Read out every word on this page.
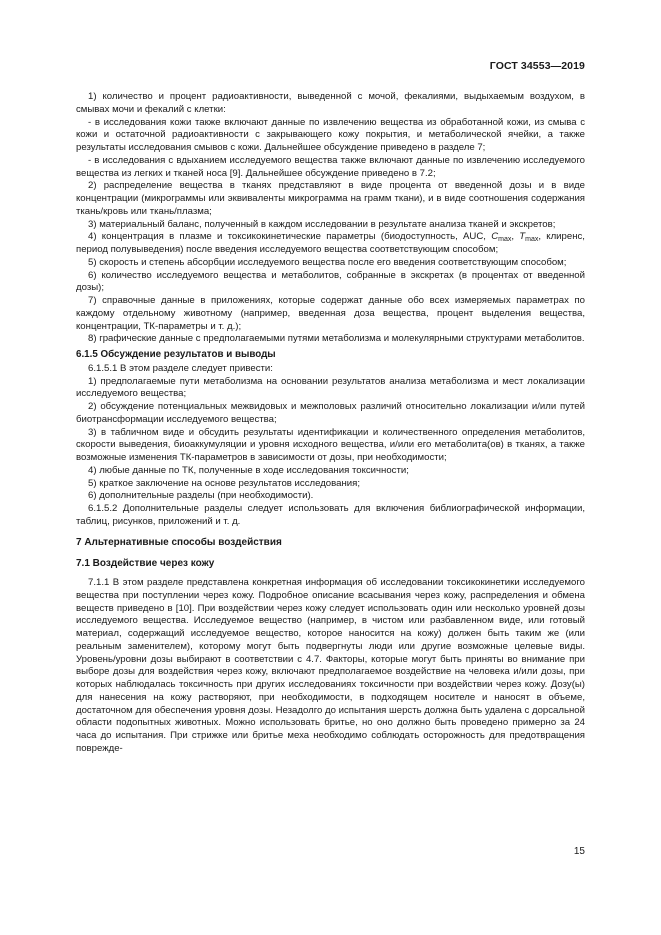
ГОСТ 34553—2019

1) количество и процент радиоактивности, выведенной с мочой, фекалиями, выдыхаемым воздухом, в смывах мочи и фекалий с клетки:

- в исследования кожи также включают данные по извлечению вещества из обработанной кожи, из смыва с кожи и остаточной радиоактивности с закрывающего кожу покрытия, и метаболической ячейки, а также результаты исследования смывов с кожи. Дальнейшее обсуждение приведено в разделе 7;

- в исследования с вдыханием исследуемого вещества также включают данные по извлечению исследуемого вещества из легких и тканей носа [9]. Дальнейшее обсуждение приведено в 7.2;

2) распределение вещества в тканях представляют в виде процента от введенной дозы и в виде концентрации (микрограммы или эквиваленты микрограмма на грамм ткани), и в виде соотношения содержания ткань/кровь или ткань/плазма;

3) материальный баланс, полученный в каждом исследовании в результате анализа тканей и экскретов;

4) концентрация в плазме и токсикокинетические параметры (биодоступность, AUC, $C_{max}$, $T_{max}$, клиренс, период полувыведения) после введения исследуемого вещества соответствующим способом;

5) скорость и степень абсорбции исследуемого вещества после его введения соответствующим способом;

6) количество исследуемого вещества и метаболитов, собранные в экскретах (в процентах от введенной дозы);

7) справочные данные в приложениях, которые содержат данные обо всех измеряемых параметрах по каждому отдельному животному (например, введенная доза вещества, процент выделения вещества, концентрации, ТК-параметры и т. д.);

8) графические данные с предполагаемыми путями метаболизма и молекулярными структурами метаболитов.

6.1.5 Обсуждение результатов и выводы

6.1.5.1 В этом разделе следует привести:

1) предполагаемые пути метаболизма на основании результатов анализа метаболизма и мест локализации исследуемого вещества;

2) обсуждение потенциальных межвидовых и межполовых различий относительно локализации и/или путей биотрансформации исследуемого вещества;

3) в табличном виде и обсудить результаты идентификации и количественного определения метаболитов, скорости выведения, биоаккумуляции и уровня исходного вещества, и/или его метаболита(ов) в тканях, а также возможные изменения ТК-параметров в зависимости от дозы, при необходимости;

4) любые данные по ТК, полученные в ходе исследования токсичности;

5) краткое заключение на основе результатов исследования;

6) дополнительные разделы (при необходимости).

6.1.5.2 Дополнительные разделы следует использовать для включения библиографической информации, таблиц, рисунков, приложений и т. д.

7 Альтернативные способы воздействия

7.1 Воздействие через кожу

7.1.1 В этом разделе представлена конкретная информация об исследовании токсикокинетики исследуемого вещества при поступлении через кожу. Подробное описание всасывания через кожу, распределения и обмена веществ приведено в [10]. При воздействии через кожу следует использовать один или несколько уровней дозы исследуемого вещества. Исследуемое вещество (например, в чистом или разбавленном виде, или готовый материал, содержащий исследуемое вещество, которое наносится на кожу) должен быть таким же (или реальным заменителем), которому могут быть подвергнуты люди или другие возможные целевые виды. Уровень/уровни дозы выбирают в соответствии с 4.7. Факторы, которые могут быть приняты во внимание при выборе дозы для воздействия через кожу, включают предполагаемое воздействие на человека и/или дозы, при которых наблюдалась токсичность при других исследованиях токсичности при воздействии через кожу. Дозу(ы) для нанесения на кожу растворяют, при необходимости, в подходящем носителе и наносят в объеме, достаточном для обеспечения уровня дозы. Незадолго до испытания шерсть должна быть удалена с дорсальной области подопытных животных. Можно использовать бритье, но оно должно быть проведено примерно за 24 часа до испытания. При стрижке или бритье меха необходимо соблюдать осторожность для предотвращения поврежде-

15
